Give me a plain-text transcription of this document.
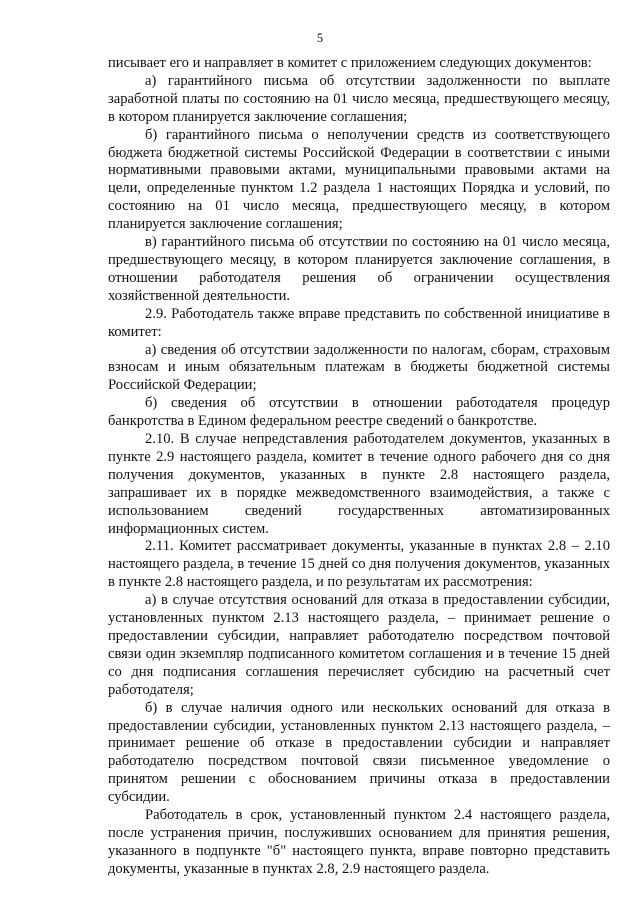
5

писывает его и направляет в комитет с приложением следующих документов:

а) гарантийного письма об отсутствии задолженности по выплате заработной платы по состоянию на 01 число месяца, предшествующего месяцу, в котором планируется заключение соглашения;

б) гарантийного письма о неполучении средств из соответствующего бюджета бюджетной системы Российской Федерации в соответствии с иными нормативными правовыми актами, муниципальными правовыми актами на цели, определенные пунктом 1.2 раздела 1 настоящих Порядка и условий, по состоянию на 01 число месяца, предшествующего месяцу, в котором планируется заключение соглашения;

в) гарантийного письма об отсутствии по состоянию на 01 число месяца, предшествующего месяцу, в котором планируется заключение соглашения, в отношении работодателя решения об ограничении осуществления хозяйственной деятельности.

2.9. Работодатель также вправе представить по собственной инициативе в комитет:

а) сведения об отсутствии задолженности по налогам, сборам, страховым взносам и иным обязательным платежам в бюджеты бюджетной системы Российской Федерации;

б) сведения об отсутствии в отношении работодателя процедур банкротства в Едином федеральном реестре сведений о банкротстве.

2.10. В случае непредставления работодателем документов, указанных в пункте 2.9 настоящего раздела, комитет в течение одного рабочего дня со дня получения документов, указанных в пункте 2.8 настоящего раздела, запрашивает их в порядке межведомственного взаимодействия, а также с использованием сведений государственных автоматизированных информационных систем.

2.11. Комитет рассматривает документы, указанные в пунктах 2.8 – 2.10 настоящего раздела, в течение 15 дней со дня получения документов, указанных в пункте 2.8 настоящего раздела, и по результатам их рассмотрения:

а) в случае отсутствия оснований для отказа в предоставлении субсидии, установленных пунктом 2.13 настоящего раздела, – принимает решение о предоставлении субсидии, направляет работодателю посредством почтовой связи один экземпляр подписанного комитетом соглашения и в течение 15 дней со дня подписания соглашения перечисляет субсидию на расчетный счет работодателя;

б) в случае наличия одного или нескольких оснований для отказа в предоставлении субсидии, установленных пунктом 2.13 настоящего раздела, – принимает решение об отказе в предоставлении субсидии и направляет работодателю посредством почтовой связи письменное уведомление о принятом решении с обоснованием причины отказа в предоставлении субсидии.

Работодатель в срок, установленный пунктом 2.4 настоящего раздела, после устранения причин, послуживших основанием для принятия решения, указанного в подпункте "б" настоящего пункта, вправе повторно представить документы, указанные в пунктах 2.8, 2.9 настоящего раздела.
